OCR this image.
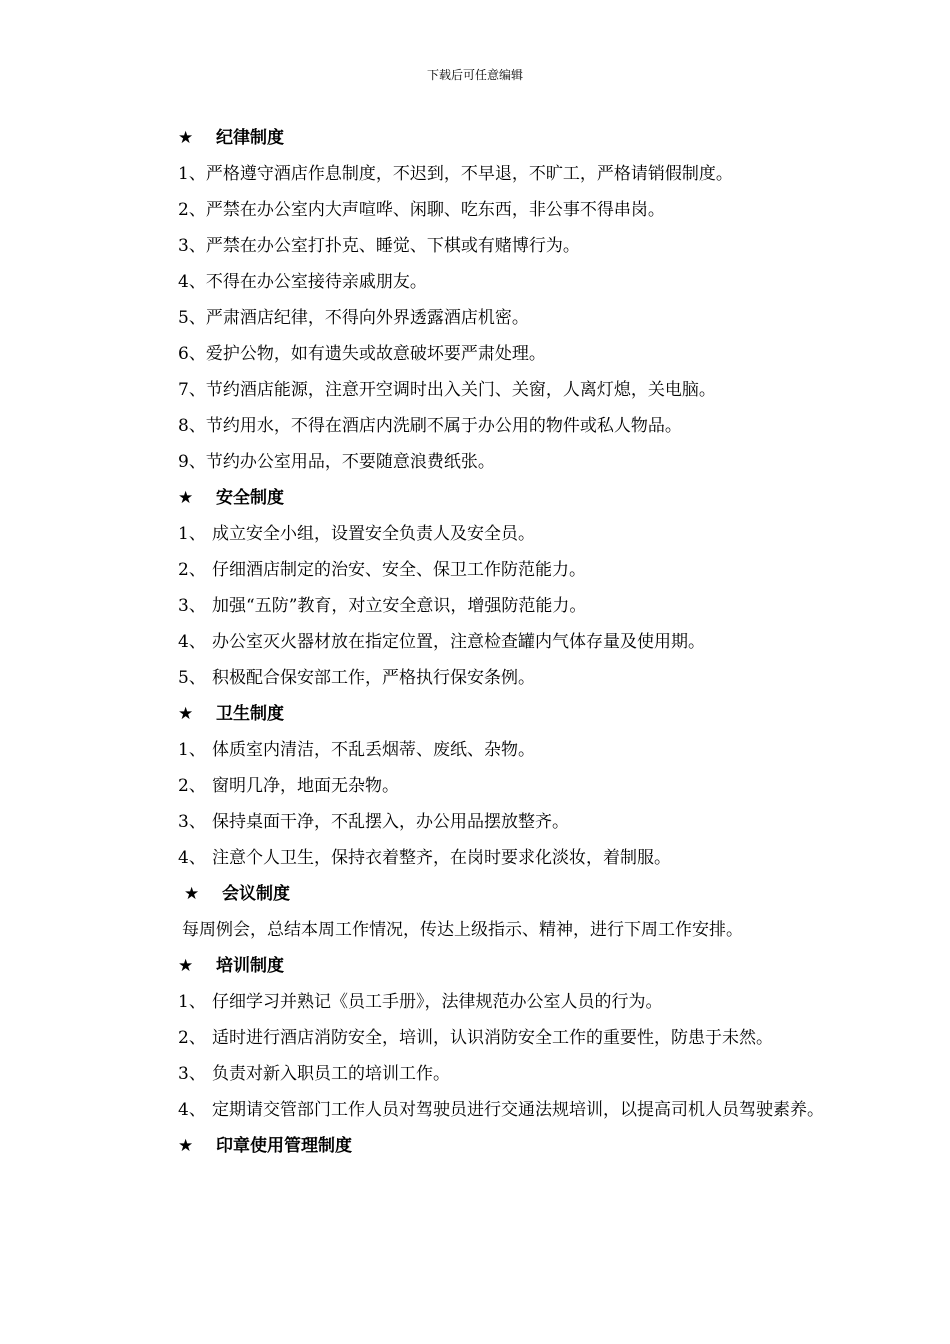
下载后可任意编辑
★ 纪律制度
1、严格遵守酒店作息制度，不迟到，不早退，不旷工，严格请销假制度。
2、严禁在办公室内大声喧哗、闲聊、吃东西，非公事不得串岗。
3、严禁在办公室打扑克、睡觉、下棋或有赌博行为。
4、不得在办公室接待亲戚朋友。
5、严肃酒店纪律，不得向外界透露酒店机密。
6、爱护公物，如有遗失或故意破坏要严肃处理。
7、节约酒店能源，注意开空调时出入关门、关窗，人离灯熄，关电脑。
8、节约用水，不得在酒店内洗刷不属于办公用的物件或私人物品。
9、节约办公室用品，不要随意浪费纸张。
★ 安全制度
1、 成立安全小组，设置安全负责人及安全员。
2、 仔细酒店制定的治安、安全、保卫工作防范能力。
3、 加强“五防”教育，对立安全意识，增强防范能力。
4、 办公室灭火器材放在指定位置，注意检查罐内气体存量及使用期。
5、 积极配合保安部工作，严格执行保安条例。
★ 卫生制度
1、 体质室内清洁，不乱丢烟蒂、废纸、杂物。
2、 窗明几净，地面无杂物。
3、 保持桌面干净，不乱摆入，办公用品摆放整齐。
4、 注意个人卫生，保持衣着整齐，在岗时要求化淡妆，着制服。
★ 会议制度
每周例会，总结本周工作情况，传达上级指示、精神，进行下周工作安排。
★ 培训制度
1、 仔细学习并熟记《员工手册》，法律规范办公室人员的行为。
2、 适时进行酒店消防安全，培训，认识消防安全工作的重要性，防患于未然。
3、 负责对新入职员工的培训工作。
4、 定期请交管部门工作人员对驾驶员进行交通法规培训，以提高司机人员驾驶素养。
★ 印章使用管理制度
